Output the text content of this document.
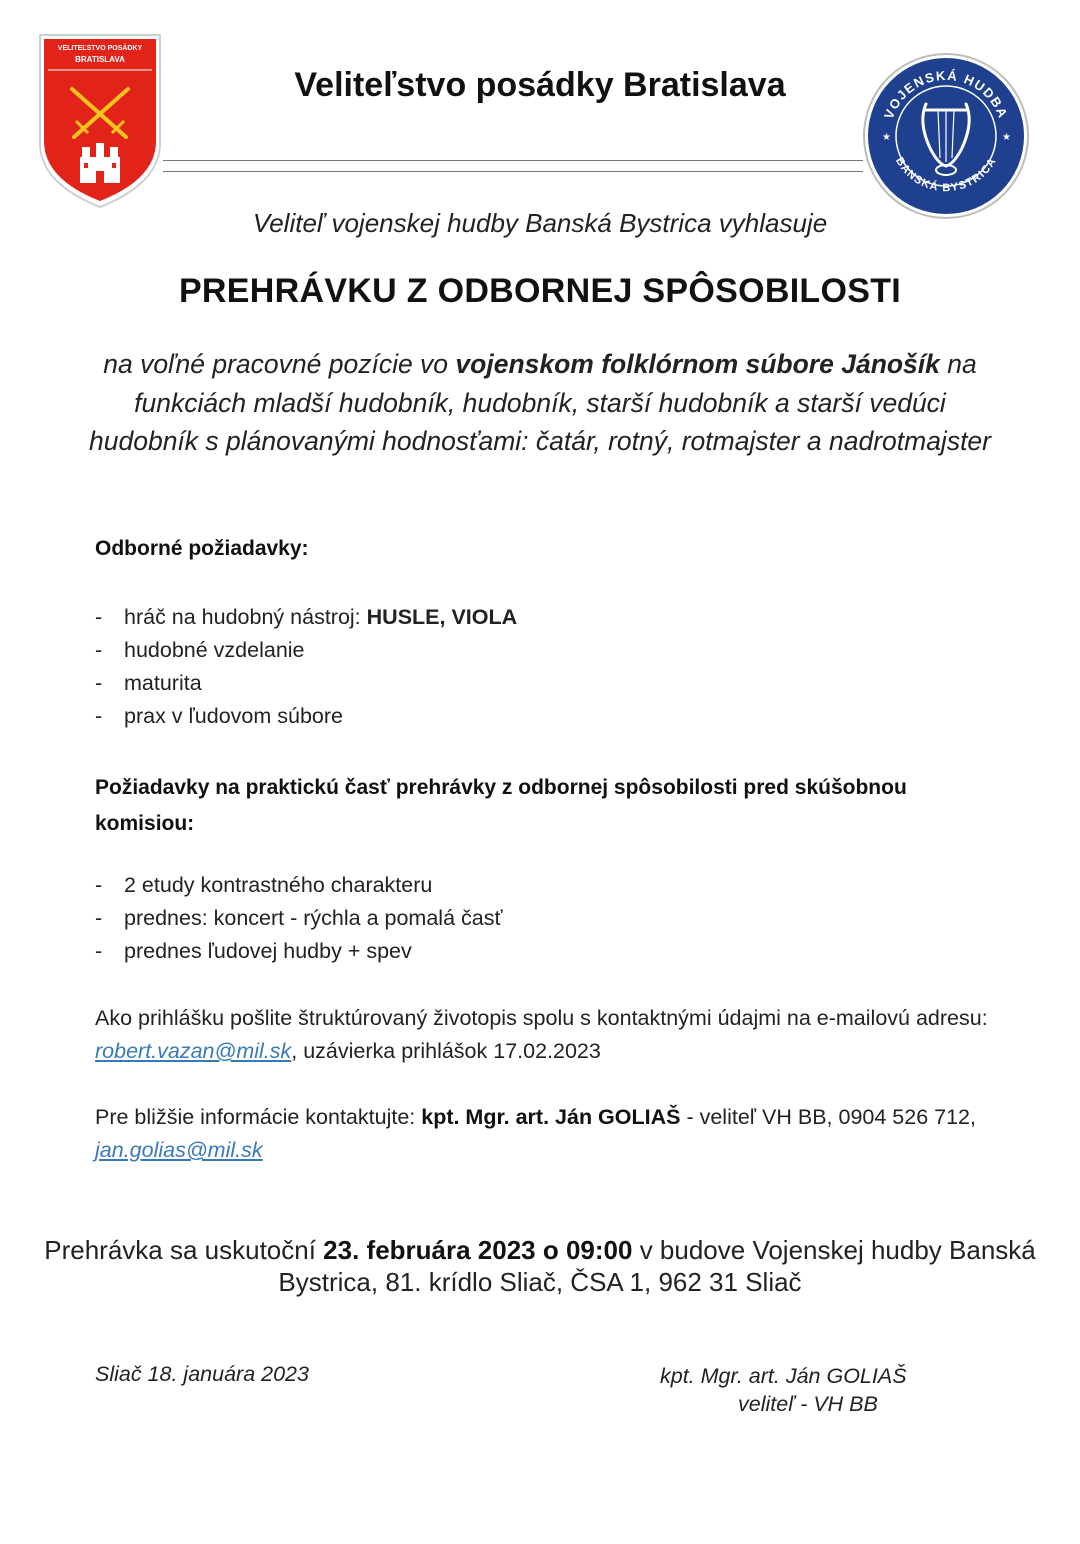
VELITEĽSTVO POSÁDKY
BRATISLAVA
Veliteľstvo posádky Bratislava
VOJENSKÁ HUDBA
BANSKÁ BYSTRICA
★	★
Veliteľ vojenskej hudby Banská Bystrica vyhlasuje
PREHRÁVKU Z ODBORNEJ SPÔSOBILOSTI
na voľné pracovné pozície vo vojenskom folklórnom súbore Jánošík na funkciách mladší hudobník, hudobník, starší hudobník a starší vedúci hudobník s plánovanými hodnosťami: čatár, rotný, rotmajster a nadrotmajster
Odborné požiadavky:
- hráč na hudobný nástroj: HUSLE, VIOLA
- hudobné vzdelanie
- maturita
- prax v ľudovom súbore
Požiadavky na praktickú časť prehrávky z odbornej spôsobilosti pred skúšobnou komisiou:
- 2 etudy kontrastného charakteru
- prednes: koncert - rýchla a pomalá časť
- prednes ľudovej hudby + spev
Ako prihlášku pošlite štruktúrovaný životopis spolu s kontaktnými údajmi na e-mailovú adresu: robert.vazan@mil.sk, uzávierka prihlášok 17.02.2023
Pre bližšie informácie kontaktujte: kpt. Mgr. art. Ján GOLIAŠ - veliteľ VH BB, 0904 526 712, jan.golias@mil.sk
Prehrávka sa uskutoční 23. februára 2023 o 09:00 v budove Vojenskej hudby Banská Bystrica, 81. krídlo Sliač, ČSA 1, 962 31 Sliač
Sliač 18. januára 2023	kpt. Mgr. art. Ján GOLIAŠ
veliteľ - VH BB
